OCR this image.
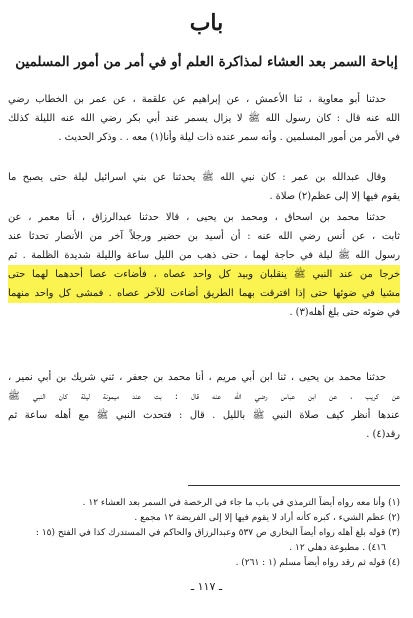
باب
إباحة السمر بعد العشاء لمذاكرة العلم أو في أمر من أمور المسلمين
حدثنا أبو معاوية ، ثنا الأعمش ، عن إبراهيم عن علقمة ، عن عمر بن الخطاب رضي
الله عنه قال : كان رسول الله ﷺ لا يزال يسمر عند أبي بكر رضي الله عنه الليلة كذلك
في الأمر من أمور المسلمين . وأنه سمر عنده ذات ليلة وأنا(١) معه . . وذكر الحديث .
وقال عبدالله بن عمر : كان نبي الله ﷺ يحدثنا عن بني اسرائيل ليلة حتى يصبح ما
يقوم فيها إلا إلى عظم(٢) صلاة .
حدثنا محمد بن اسحاق ، ومحمد بن يحيى ، قالا حدثنا عبدالرزاق ، أنا معمر ، عن
ثابت ، عن أنس رضي الله عنه : أن أسيد بن حضير ورجلاً آخر من الأنصار تحدثا عند
رسول الله ﷺ ليلة في حاجة لهما ، حتى ذهب من الليل ساعة والليلة شديدة الظلمة . ثم
خرجا من عند النبي ﷺ ينقلبان وبيد كل واحد عصاه ، فأضاءت عصا أحدهما لهما حتى
مشيا في ضوئها حتى إذا افترقت بهما الطريق أضاءت للآخر عصاه . فمشى كل واحد منهما
في ضوئه حتى بلغ أهله(٣) .
حدثنا محمد بن يحيى ، ثنا ابن أبي مريم ، أنا محمد بن جعفر ، ثني شريك بن أبي نمير ،
عن كريب ، عن ابن عباس رضي الله عنه قال : بت عند ميمونة ليلة كان النبي ﷺ
عندها أنظر كيف صلاة النبي ﷺ بالليل . قال : فتحدث النبي ﷺ مع أهله ساعة ثم
رقد(٤) .
(١) وأنا معه رواه أيضاً الترمذي في باب ما جاء في الرخصة في السمر بعد العشاء ١٢ .
(٢) عظم الشيء ، كبره كأنه أراد لا يقوم فيها إلا إلى الفريضة ١٢ مجمع .
(٣) قوله بلغ أهله رواه أيضاً البخاري ص ٥٣٧ وعبدالرزاق والحاكم في المستدرك كذا في الفتح (١٥ :
٤١٦) . مطبوعة دهلي ١٢ .
(٤) قوله ثم رقد رواه أيضاً مسلم (١ : ٢٦١) .
ـ ١١٧ ـ
